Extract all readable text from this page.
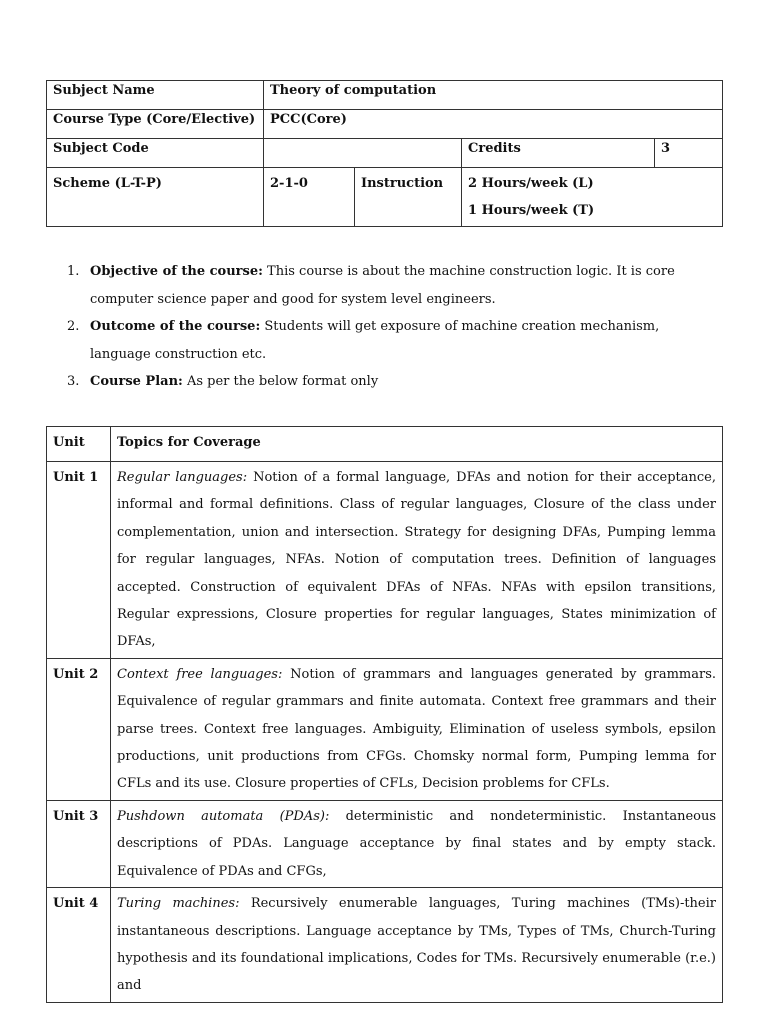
Subject Name	Theory of computation
Course Type (Core/Elective)	PCC(Core)
Subject Code			Credits	3

Scheme (L-T-P)	2-1-0	Instruction	2 Hours/week (L)
1 Hours/week (T)
1. Objective of the course: This course is about the machine construction logic. It is core computer science paper and good for system level engineers.
2. Outcome of the course: Students will get exposure of machine creation mechanism, language construction etc.
3. Course Plan: As per the below format only
Unit	Topics for Coverage
Unit 1	Regular languages: Notion of a formal language, DFAs and notion for their acceptance, informal and formal definitions. Class of regular languages, Closure of the class under complementation, union and intersection. Strategy for designing DFAs, Pumping lemma for regular languages, NFAs. Notion of computation trees. Definition of languages accepted. Construction of equivalent DFAs of NFAs. NFAs with epsilon transitions, Regular expressions, Closure properties for regular languages, States minimization of DFAs,
Unit 2	Context free languages: Notion of grammars and languages generated by grammars. Equivalence of regular grammars and finite automata. Context free grammars and their parse trees. Context free languages. Ambiguity, Elimination of useless symbols, epsilon productions, unit productions from CFGs. Chomsky normal form, Pumping lemma for CFLs and its use. Closure properties of CFLs, Decision problems for CFLs.
Unit 3	Pushdown automata (PDAs): deterministic and nondeterministic. Instantaneous descriptions of PDAs. Language acceptance by final states and by empty stack. Equivalence of PDAs and CFGs,
Unit 4	Turing machines: Recursively enumerable languages, Turing machines (TMs)-their instantaneous descriptions. Language acceptance by TMs, Types of TMs, Church-Turing hypothesis and its foundational implications, Codes for TMs. Recursively enumerable (r.e.) and
